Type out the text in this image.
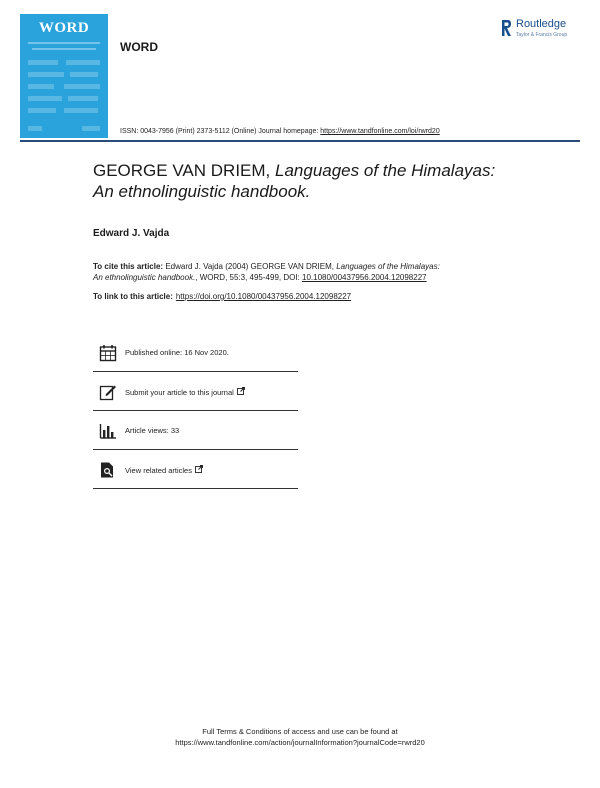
WORD
WORD
Routledge
Taylor & Francis Group
ISSN: 0043-7956 (Print) 2373-5112 (Online) Journal homepage: https://www.tandfonline.com/loi/rwrd20
GEORGE VAN DRIEM, Languages of the Himalayas:
An ethnolinguistic handbook.
Edward J. Vajda
To cite this article: Edward J. Vajda (2004) GEORGE VAN DRIEM, Languages of the Himalayas:
An ethnolinguistic handbook., WORD, 55:3, 495-499, DOI: 10.1080/00437956.2004.12098227
To link to this article: https://doi.org/10.1080/00437956.2004.12098227
Published online: 16 Nov 2020.
Submit your article to this journal
Article views: 33
View related articles
Full Terms & Conditions of access and use can be found at
https://www.tandfonline.com/action/journalInformation?journalCode=rwrd20
